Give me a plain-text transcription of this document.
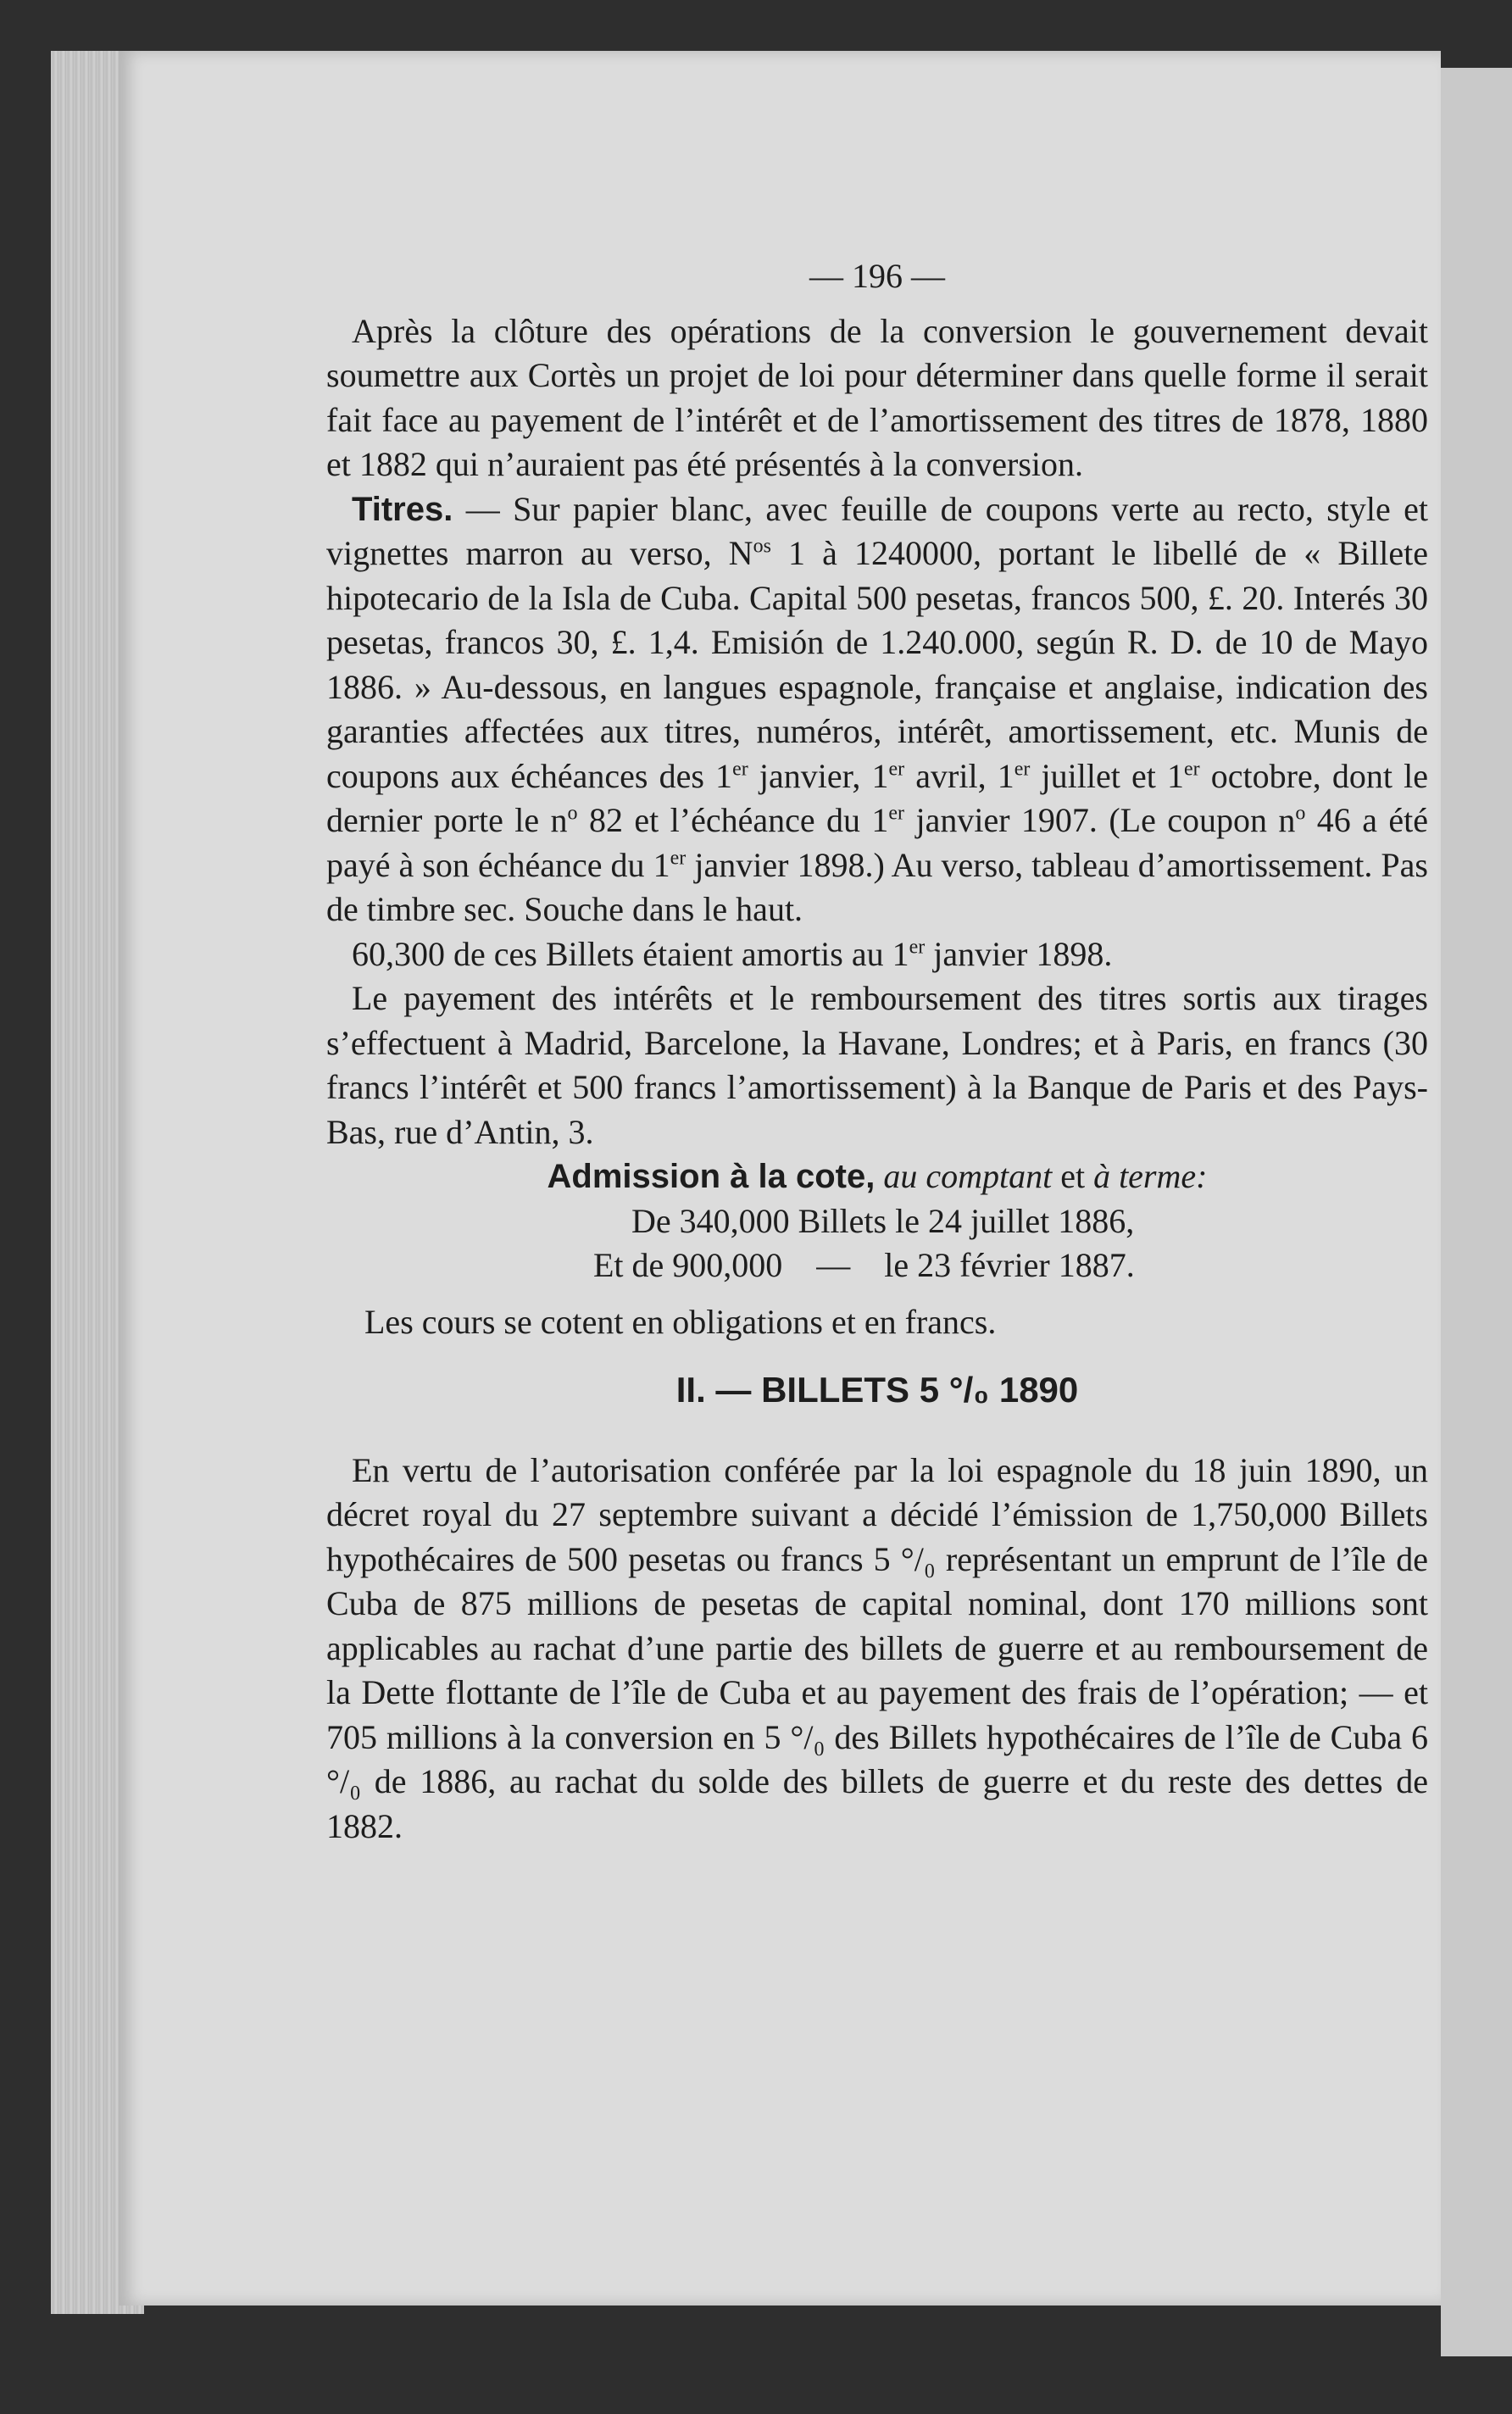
— 196 —

Après la clôture des opérations de la conversion le gouvernement devait soumettre aux Cortès un projet de loi pour déterminer dans quelle forme il serait fait face au payement de l’intérêt et de l’amortissement des titres de 1878, 1880 et 1882 qui n’auraient pas été présentés à la conversion.

Titres. — Sur papier blanc, avec feuille de coupons verte au recto, style et vignettes marron au verso, $N^{os}$ 1 à 1240000, portant le libellé de « Billete hipotecario de la Isla de Cuba. Capital 500 pesetas, francos 500, £. 20. Interés 30 pesetas, francos 30, £. 1,4. Emisión de 1.240.000, según R. D. de 10 de Mayo 1886. » Au-dessous, en langues espagnole, française et anglaise, indication des garanties affectées aux titres, numéros, intérêt, amortissement, etc. Munis de coupons aux échéances des 1er janvier, 1er avril, 1er juillet et 1er octobre, dont le dernier porte le $n^o$ 82 et l’échéance du 1er janvier 1907. (Le coupon $n^o$ 46 a été payé à son échéance du 1er janvier 1898.) Au verso, tableau d’amortissement. Pas de timbre sec. Souche dans le haut.

60,300 de ces Billets étaient amortis au 1er janvier 1898.

Le payement des intérêts et le remboursement des titres sortis aux tirages s’effectuent à Madrid, Barcelone, la Havane, Londres; et à Paris, en francs (30 francs l’intérêt et 500 francs l’amortissement) à la Banque de Paris et des Pays-Bas, rue d’Antin, 3.

Admission à la cote, au comptant et à terme:

De 340,000 Billets le 24 juillet 1886,

Et de 900,000    —    le 23 février 1887.

Les cours se cotent en obligations et en francs.

II. — BILLETS 5 °/₀ 1890

En vertu de l’autorisation conférée par la loi espagnole du 18 juin 1890, un décret royal du 27 septembre suivant a décidé l’émission de 1,750,000 Billets hypothécaires de 500 pesetas ou francs 5 °/₀ représentant un emprunt de l’île de Cuba de 875 millions de pesetas de capital nominal, dont 170 millions sont applicables au rachat d’une partie des billets de guerre et au remboursement de la Dette flottante de l’île de Cuba et au payement des frais de l’opération; — et 705 millions à la conversion en 5 °/₀ des Billets hypothécaires de l’île de Cuba 6 °/₀ de 1886, au rachat du solde des billets de guerre et du reste des dettes de 1882.
